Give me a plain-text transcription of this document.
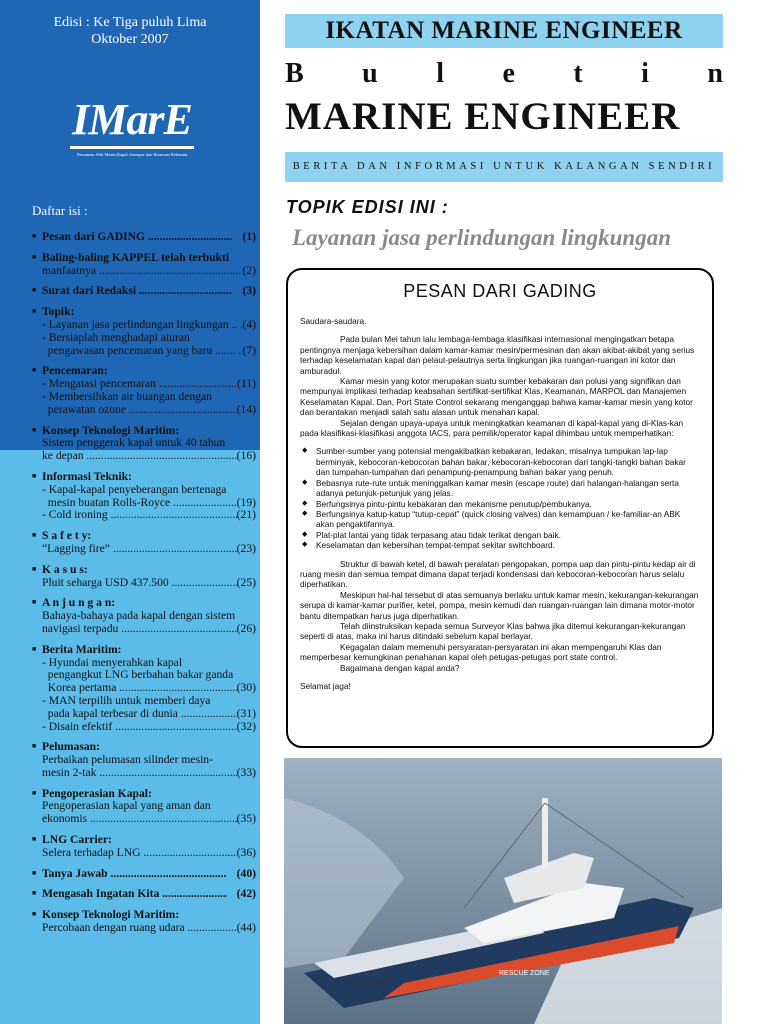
Edisi : Ke Tiga puluh Lima
Oktober 2007
IMarE
Persatuan Ahli Mesin Kapal, Insinyur dan Ilmuwan Kelautan
Daftar isi :
■ Pesan dari GADING .....	(1)
■ Baling-baling KAPPEL telah terbukti
manfaatnya .....	(2)
■ Surat dari Redaksi .....	(3)
■ Topik:
- Layanan jasa perlindungan lingkungan .. ..... (4)
- Bersiaplah menghadapi aturan
pengawasan pencemaran yang baru ....... ..... (7)
■ Pencemaran:
- Mengatasi pencemaran .....	(11)
- Membersihkan air buangan dengan
perawatan ozone .....	(14)
■ Konsep Teknologi Maritim:
Sistem penggerak kapal untuk 40 tahun
ke depan .....	(16)
■ Informasi Teknik:
- Kapal-kapal penyeberangan bertenaga
mesin buatan Rolls-Royce .....	(19)
- Cold ironing .....	(21)
■ S a f e t y:
“Lagging fire” .....	(23)
■ K a s u s:
Pluit seharga USD 437.500 .....	(25)
■ A n j u n g a n:
Bahaya-bahaya pada kapal dengan sistem
navigasi terpadu .....	(26)
■ Berita Maritim:
- Hyundai menyerahkan kapal
pengangkut LNG berbahan bakar ganda
Korea pertama .....	(30)
- MAN terpilih untuk memberi daya
pada kapal terbesar di dunia .....	(31)
- Disain efektif .....	(32)
■ Pelumasan:
Perbaikan pelumasan silinder mesin-
mesin 2-tak .....	(33)
■ Pengoperasian Kapal:
Pengoperasian kapal yang aman dan
ekonomis .....	(35)
■ LNG Carrier:
Selera terhadap LNG .....	(36)
■ Tanya Jawab .....	(40)
■ Mengasah Ingatan Kita .....	(42)
■ Konsep Teknologi Maritim:
Percobaan dengan ruang udara .....	(44)
IKATAN MARINE ENGINEER
B u l e t i n
MARINE ENGINEER
BERITA DAN INFORMASI UNTUK KALANGAN SENDIRI
TOPIK EDISI INI :
Layanan jasa perlindungan lingkungan
PESAN DARI GADING
Saudara-saudara.
Pada bulan Mei tahun lalu lembaga-lembaga klasifikasi internasional mengingatkan betapa pentingnya menjaga kebersihan dalam kamar-kamar mesin/permesinan dan akan akibat-akibat yang serius terhadap keselamatan kapal dan pelaut-pelautnya serta lingkungan jika ruangan-ruangan ini kotor dan amburadul.
Kamar mesin yang kotor merupakan suatu sumber kebakaran dan polusi yang signifikan dan mempunyai implikasi terhadap keabsahan sertifikat-sertifikat Klas, Keamanan, MARPOL dan Manajemen Keselamatan Kapal. Dan, Port State Control sekarang menganggap bahwa kamar-kamar mesin yang kotor dan berantakan menjadi salah satu alasan untuk menahan kapal.
Sejalan dengan upaya-upaya untuk meningkatkan keamanan di kapal-kapal yang di-Klas-kan pada klasifikasi-klasifikasi anggota IACS, para pemilik/operator kapal dihimbau untuk memperhatikan:
◆ Sumber-sumber yang potensial mengakibatkan kebakaran, ledakan, misalnya tumpukan lap-lap berminyak, kebocoran-kebocoran bahan bakar, kebocoran-kebocoran dari tangki-tangki bahan bakar dan tumpahan-tumpahan dari penampung-penampung bahan bakar yang penuh.
◆ Bebasnya rute-rute untuk meninggalkan kamar mesin (escape route) dari halangan-halangan serta adanya petunjuk-petunjuk yang jelas.
◆ Berfungsinya pintu-pintu kebakaran dan mekanisme penutup/pembukanya.
◆ Berfungsinya katup-katup “tutup-cepat” (quick closing valves) dan kemampuan / ke-familiar-an ABK akan pengaktifannya.
◆ Plat-plat lantai yang tidak terpasang atau tidak terikat dengan baik.
◆ Keselamatan dan kebersihan tempat-tempat sekitar switchboard.
Struktur di bawah ketel, di bawah peralatan pengopakan, pompa uap dan pintu-pintu kedap air di ruang mesin dan semua tempat dimana dapat terjadi kondensasi dan kebocoran-kebocoran harus selalu diperhatikan.
Meskipun hal-hal tersebut di atas semuanya berlaku untuk kamar mesin, kekurangan-kekurangan serupa di kamar-kamar purifier, ketel, pompa, mesin kemudi dan ruangan-ruangan lain dimana motor-motor bantu ditempatkan harus juga diperhatikan.
Telah diinstruksikan kepada semua Surveyor Klas bahwa jika ditemui kekurangan-kekurangan seperti di atas, maka ini harus ditindaki sebelum kapal berlayar.
Kegagalan dalam memenuhi persyaratan-persyaratan ini akan mempengaruhi Klas dan memperbesar kemungkinan penahanan kapal oleh petugas-petugas port state control.
Bagaimana dengan kapal anda?
Selamat jaga!
RESCUE ZONE
ABEILLE BOURBON
